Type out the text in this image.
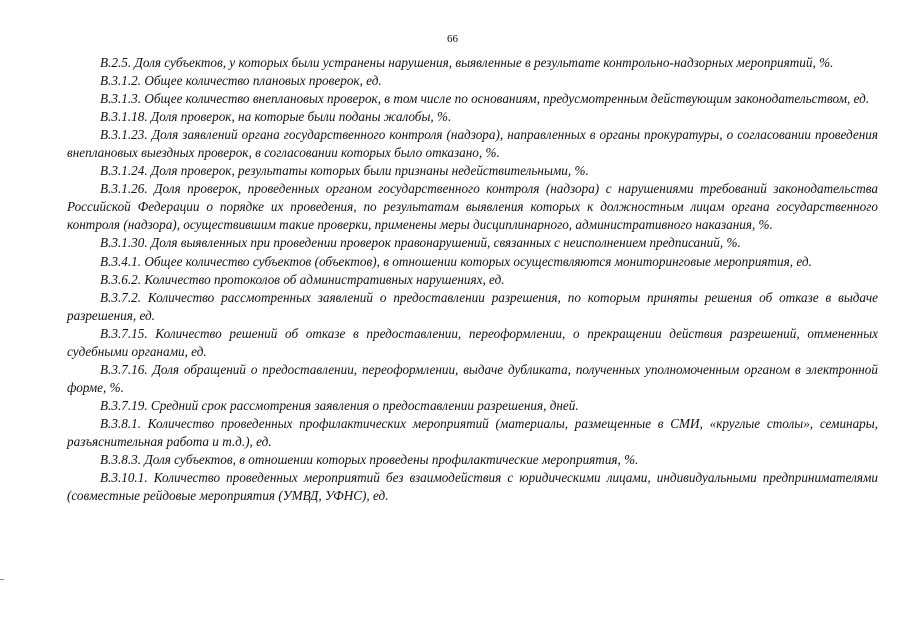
66

В.2.5. Доля субъектов, у которых были устранены нарушения, выявленные в результате контрольно-надзорных мероприятий, %.

В.3.1.2. Общее количество плановых проверок, ед.

В.3.1.3. Общее количество внеплановых проверок, в том числе по основаниям, предусмотренным действующим законодательством, ед.

В.3.1.18. Доля проверок, на которые были поданы жалобы, %.

В.3.1.23. Доля заявлений органа государственного контроля (надзора), направленных в органы прокуратуры, о согласовании проведения внеплановых выездных проверок, в согласовании которых было отказано, %.

В.3.1.24. Доля проверок, результаты которых были признаны недействительными, %.

В.3.1.26. Доля проверок, проведенных органом государственного контроля (надзора) с нарушениями требований законодательства Российской Федерации о порядке их проведения, по результатам выявления которых к должностным лицам органа государственного контроля (надзора), осуществившим такие проверки, применены меры дисциплинарного, административного наказания, %.

В.3.1.30. Доля выявленных при проведении проверок правонарушений, связанных с неисполнением предписаний, %.

В.3.4.1. Общее количество субъектов (объектов), в отношении которых осуществляются мониторинговые мероприятия, ед.

В.3.6.2. Количество протоколов об административных нарушениях, ед.

В.3.7.2. Количество рассмотренных заявлений о предоставлении разрешения, по которым приняты решения об отказе в выдаче разрешения, ед.

В.3.7.15. Количество решений об отказе в предоставлении, переоформлении, о прекращении действия разрешений, отмененных судебными органами, ед.

В.3.7.16. Доля обращений о предоставлении, переоформлении, выдаче дубликата, полученных уполномоченным органом в электронной форме, %.

В.3.7.19. Средний срок рассмотрения заявления о предоставлении разрешения, дней.

В.3.8.1. Количество проведенных профилактических мероприятий (материалы, размещенные в СМИ, «круглые столы», семинары, разъяснительная работа и т.д.), ед.

В.3.8.3. Доля субъектов, в отношении которых проведены профилактические мероприятия, %.

В.3.10.1. Количество проведенных мероприятий без взаимодействия с юридическими лицами, индивидуальными предпринимателями (совместные рейдовые мероприятия (УМВД, УФНС), ед.
